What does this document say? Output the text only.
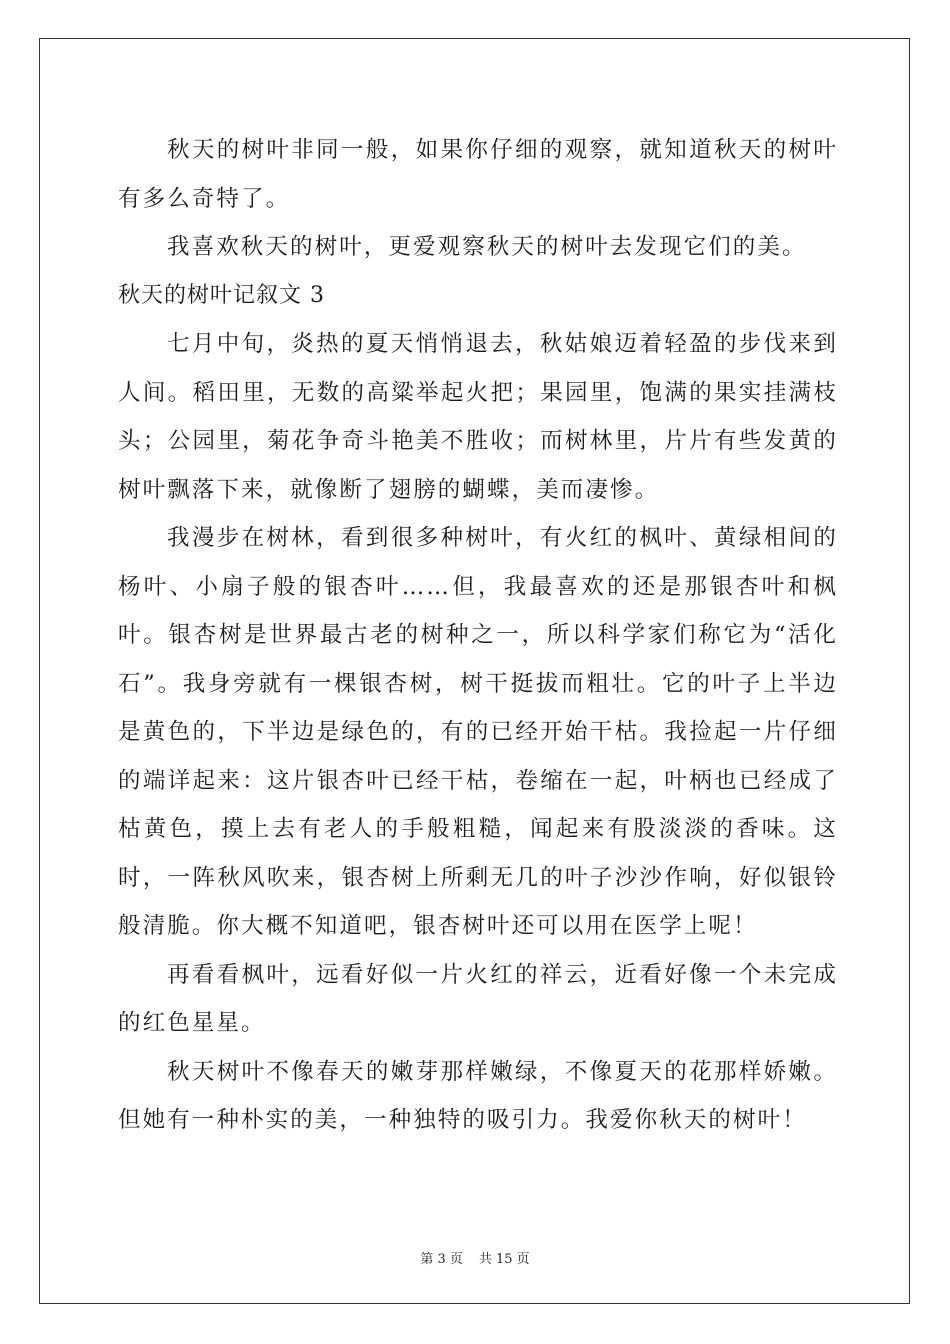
秋天的树叶非同一般，如果你仔细的观察，就知道秋天的树叶有多么奇特了。

我喜欢秋天的树叶，更爱观察秋天的树叶去发现它们的美。

秋天的树叶记叙文 3

七月中旬，炎热的夏天悄悄退去，秋姑娘迈着轻盈的步伐来到人间。稻田里，无数的高粱举起火把；果园里，饱满的果实挂满枝头；公园里，菊花争奇斗艳美不胜收；而树林里，片片有些发黄的树叶飘落下来，就像断了翅膀的蝴蝶，美而凄惨。

我漫步在树林，看到很多种树叶，有火红的枫叶、黄绿相间的杨叶、小扇子般的银杏叶……但，我最喜欢的还是那银杏叶和枫叶。银杏树是世界最古老的树种之一，所以科学家们称它为“活化石”。我身旁就有一棵银杏树，树干挺拔而粗壮。它的叶子上半边是黄色的，下半边是绿色的，有的已经开始干枯。我捡起一片仔细的端详起来：这片银杏叶已经干枯，卷缩在一起，叶柄也已经成了枯黄色，摸上去有老人的手般粗糙，闻起来有股淡淡的香味。这时，一阵秋风吹来，银杏树上所剩无几的叶子沙沙作响，好似银铃般清脆。你大概不知道吧，银杏树叶还可以用在医学上呢！

再看看枫叶，远看好似一片火红的祥云，近看好像一个未完成的红色星星。

秋天树叶不像春天的嫩芽那样嫩绿，不像夏天的花那样娇嫩。但她有一种朴实的美，一种独特的吸引力。我爱你秋天的树叶！

第 3 页 共 15 页
